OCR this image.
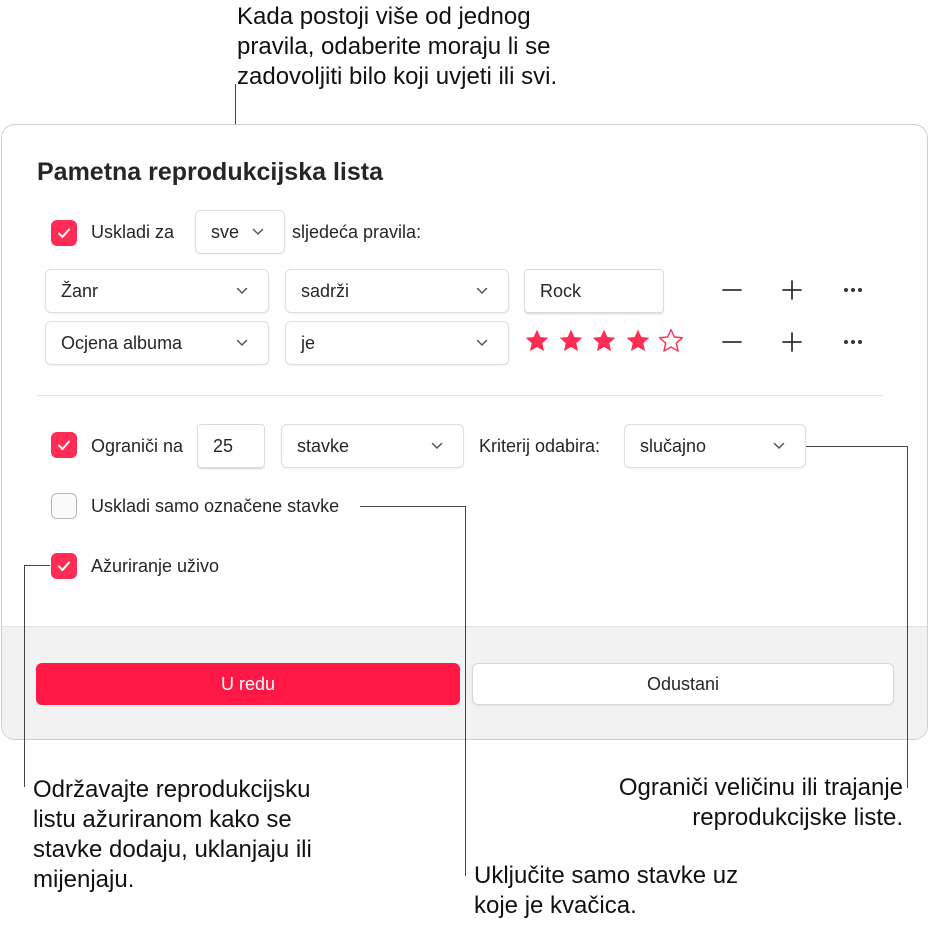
Kada postoji više od jednog
pravila, odaberite moraju li se
zadovoljiti bilo koji uvjeti ili svi.
Pametna reprodukcijska lista
Uskladi za sve	sljedeća pravila:
Žanr	sadrži	Rock
Ocjena albuma	je
Ograniči na	25	stavke	Kriterij odabira: slučajno
Uskladi samo označene stavke
Ažuriranje uživo
U redu	Odustani
Održavajte reprodukcijsku
listu ažuriranom kako se
stavke dodaju, uklanjaju ili
mijenjaju.
Ograniči veličinu ili trajanje
reprodukcijske liste.
Uključite samo stavke uz
koje je kvačica.
